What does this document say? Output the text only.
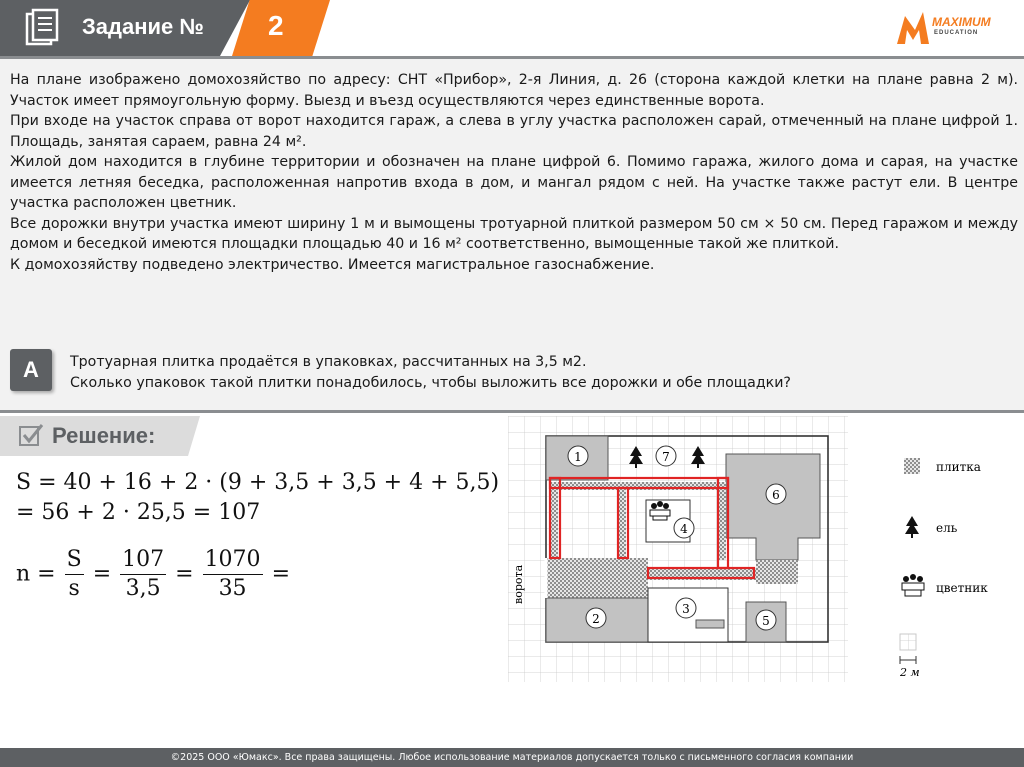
Задание № 2	MAXIMUM
EDUCATION

На плане изображено домохозяйство по адресу: СНТ «Прибор», 2-я Линия, д. 26 (сторона каждой клетки на плане равна 2 м). Участок имеет прямоугольную форму. Выезд и въезд осуществляются через единственные ворота.

При входе на участок справа от ворот находится гараж, а слева в углу участка расположен сарай, отмеченный на плане цифрой 1. Площадь, занятая сараем, равна 24 м².

Жилой дом находится в глубине территории и обозначен на плане цифрой 6. Помимо гаража, жилого дома и сарая, на участке имеется летняя беседка, расположенная напротив входа в дом, и мангал рядом с ней. На участке также растут ели. В центре участка расположен цветник.

Все дорожки внутри участка имеют ширину 1 м и вымощены тротуарной плиткой размером 50 см × 50 см. Перед гаражом и между домом и беседкой имеются площадки площадью 40 и 16 м² соответственно, вымощенные такой же плиткой.

К домохозяйству подведено электричество. Имеется магистральное газоснабжение.

А	Тротуарная плитка продаётся в упаковках, рассчитанных на 3,5 м2.
Сколько упаковок такой плитки понадобилось, чтобы выложить все дорожки и обе площадки?
Решение:
S = 40 + 16 + 2 · (9 + 3,5 + 3,5 + 4 + 5,5)
= 56 + 2 · 25,5 = 107
$n = \frac{S}{s} = \frac{107}{3,5} = \frac{1070}{35}$ =
1	7
6
4
2
3
5
ворота
плитка
ель
цветник
2 м
©2025 ООО «Юмакс». Все права защищены. Любое использование материалов допускается только с письменного согласия компании
